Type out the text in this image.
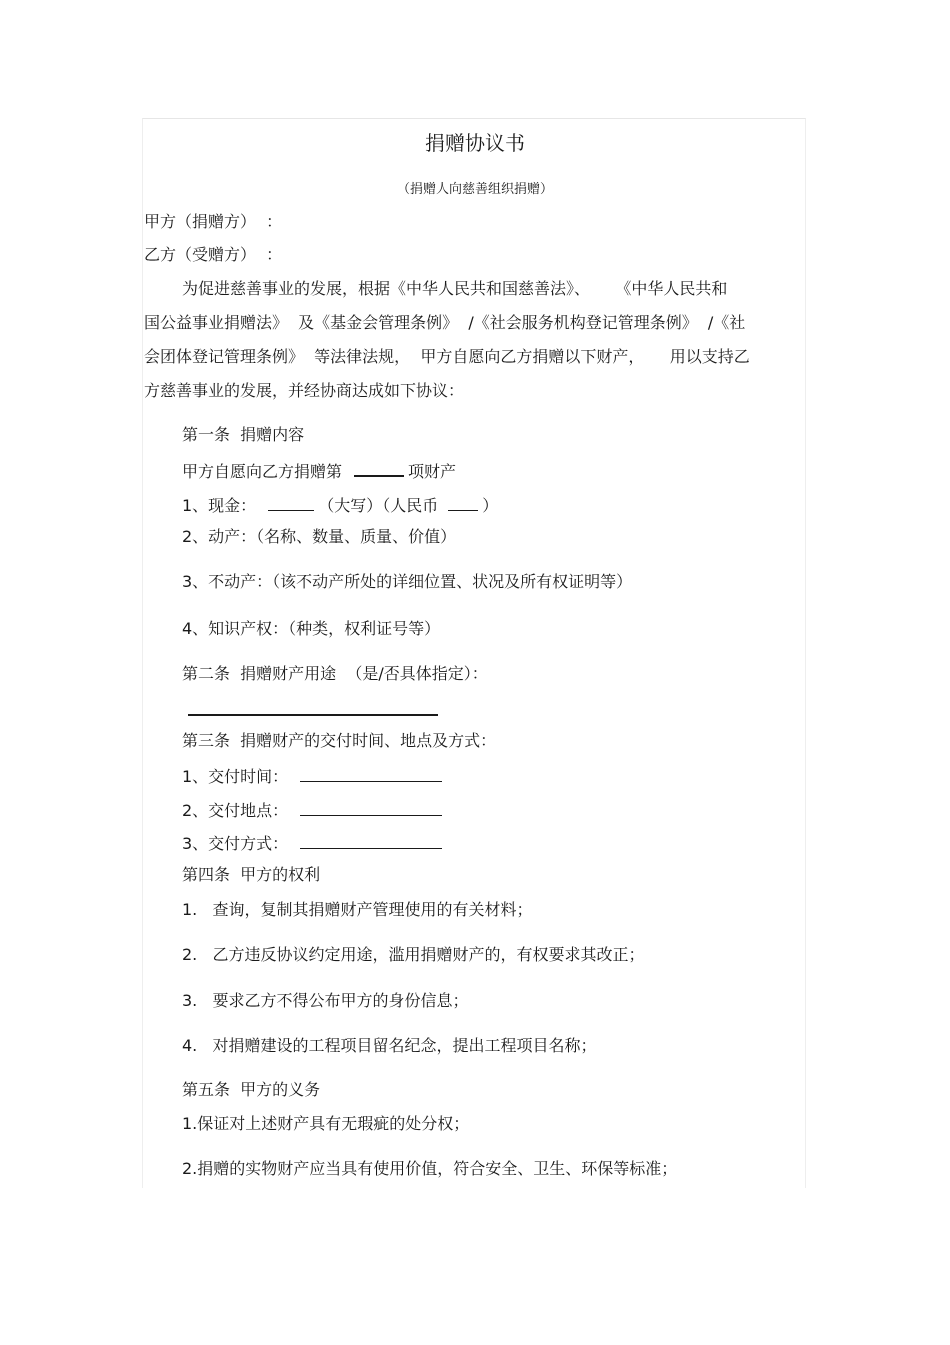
捐赠协议书
（捐赠人向慈善组织捐赠）
甲方（捐赠方）  ：
乙方（受赠方）  ：
为促进慈善事业的发展，根据《中华人民共和国慈善法》、     《中华人民共和
国公益事业捐赠法》  及《基金会管理条例》  /《社会服务机构登记管理条例》  /《社
会团体登记管理条例》  等法律法规，  甲方自愿向乙方捐赠以下财产，     用以支持乙
方慈善事业的发展，并经协商达成如下协议：
第一条  捐赠内容
甲方自愿向乙方捐赠第	项财产
1、现金：	（大写）（人民币	）
2、动产：（名称、数量、质量、价值）
3、不动产：（该不动产所处的详细位置、状况及所有权证明等）
4、知识产权：（种类，权利证号等）
第二条  捐赠财产用途  （是/否具体指定）：
第三条  捐赠财产的交付时间、地点及方式：
1、交付时间：
2、交付地点：
3、交付方式：
第四条  甲方的权利
1.   查询，复制其捐赠财产管理使用的有关材料；
2.   乙方违反协议约定用途，滥用捐赠财产的，有权要求其改正；
3.   要求乙方不得公布甲方的身份信息；
4.   对捐赠建设的工程项目留名纪念，提出工程项目名称；
第五条  甲方的义务
1.保证对上述财产具有无瑕疵的处分权；
2.捐赠的实物财产应当具有使用价值，符合安全、卫生、环保等标准；
